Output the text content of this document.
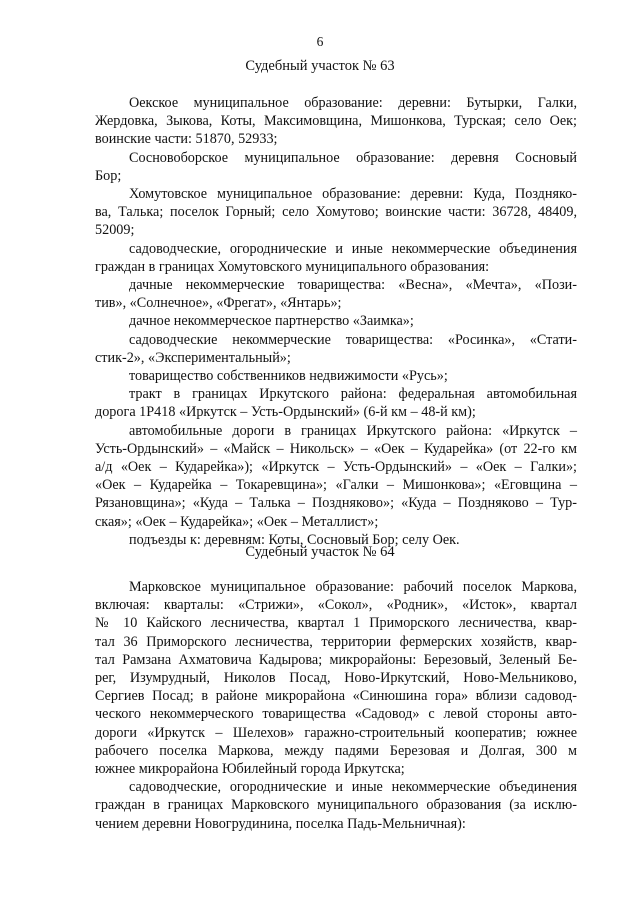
6
Судебный участок № 63
Оекское муниципальное образование: деревни: Бутырки, Галки,
Жердовка, Зыкова, Коты, Максимовщина, Мишонкова, Турская; село Оек;
воинские части: 51870, 52933;
Сосновоборское муниципальное образование: деревня Сосновый
Бор;
Хомутовское муниципальное образование: деревни: Куда, Поздняко-
ва, Талька; поселок Горный; село Хомутово; воинские части: 36728, 48409,
52009;
садоводческие, огороднические и иные некоммерческие объединения
граждан в границах Хомутовского муниципального образования:
дачные некоммерческие товарищества: «Весна», «Мечта», «Пози-
тив», «Солнечное», «Фрегат», «Янтарь»;
дачное некоммерческое партнерство «Заимка»;
садоводческие некоммерческие товарищества: «Росинка», «Стати-
стик-2», «Экспериментальный»;
товарищество собственников недвижимости «Русь»;
тракт в границах Иркутского района: федеральная автомобильная
дорога 1Р418 «Иркутск – Усть-Ордынский» (6-й км – 48-й км);
автомобильные дороги в границах Иркутского района: «Иркутск –
Усть-Ордынский» – «Майск – Никольск» – «Оек – Кударейка» (от 22-го км
а/д «Оек – Кударейка»); «Иркутск – Усть-Ордынский» – «Оек – Галки»;
«Оек – Кударейка – Токаревщина»; «Галки – Мишонкова»; «Еговщина –
Рязановщина»; «Куда – Талька – Поздняково»; «Куда – Поздняково – Тур-
ская»; «Оек – Кударейка»; «Оек – Металлист»;
подъезды к: деревням: Коты, Сосновый Бор; селу Оек.
Судебный участок № 64
Марковское муниципальное образование: рабочий поселок Маркова,
включая: кварталы: «Стрижи», «Сокол», «Родник», «Исток», квартал
№ 10 Кайского лесничества, квартал 1 Приморского лесничества, квар-
тал 36 Приморского лесничества, территории фермерских хозяйств, квар-
тал Рамзана Ахматовича Кадырова; микрорайоны: Березовый, Зеленый Бе-
рег, Изумрудный, Николов Посад, Ново-Иркутский, Ново-Мельниково,
Сергиев Посад; в районе микрорайона «Синюшина гора» вблизи садовод-
ческого некоммерческого товарищества «Садовод» с левой стороны авто-
дороги «Иркутск – Шелехов» гаражно-строительный кооператив; южнее
рабочего поселка Маркова, между падями Березовая и Долгая, 300 м
южнее микрорайона Юбилейный города Иркутска;
садоводческие, огороднические и иные некоммерческие объединения
граждан в границах Марковского муниципального образования (за исклю-
чением деревни Новогрудинина, поселка Падь-Мельничная):
